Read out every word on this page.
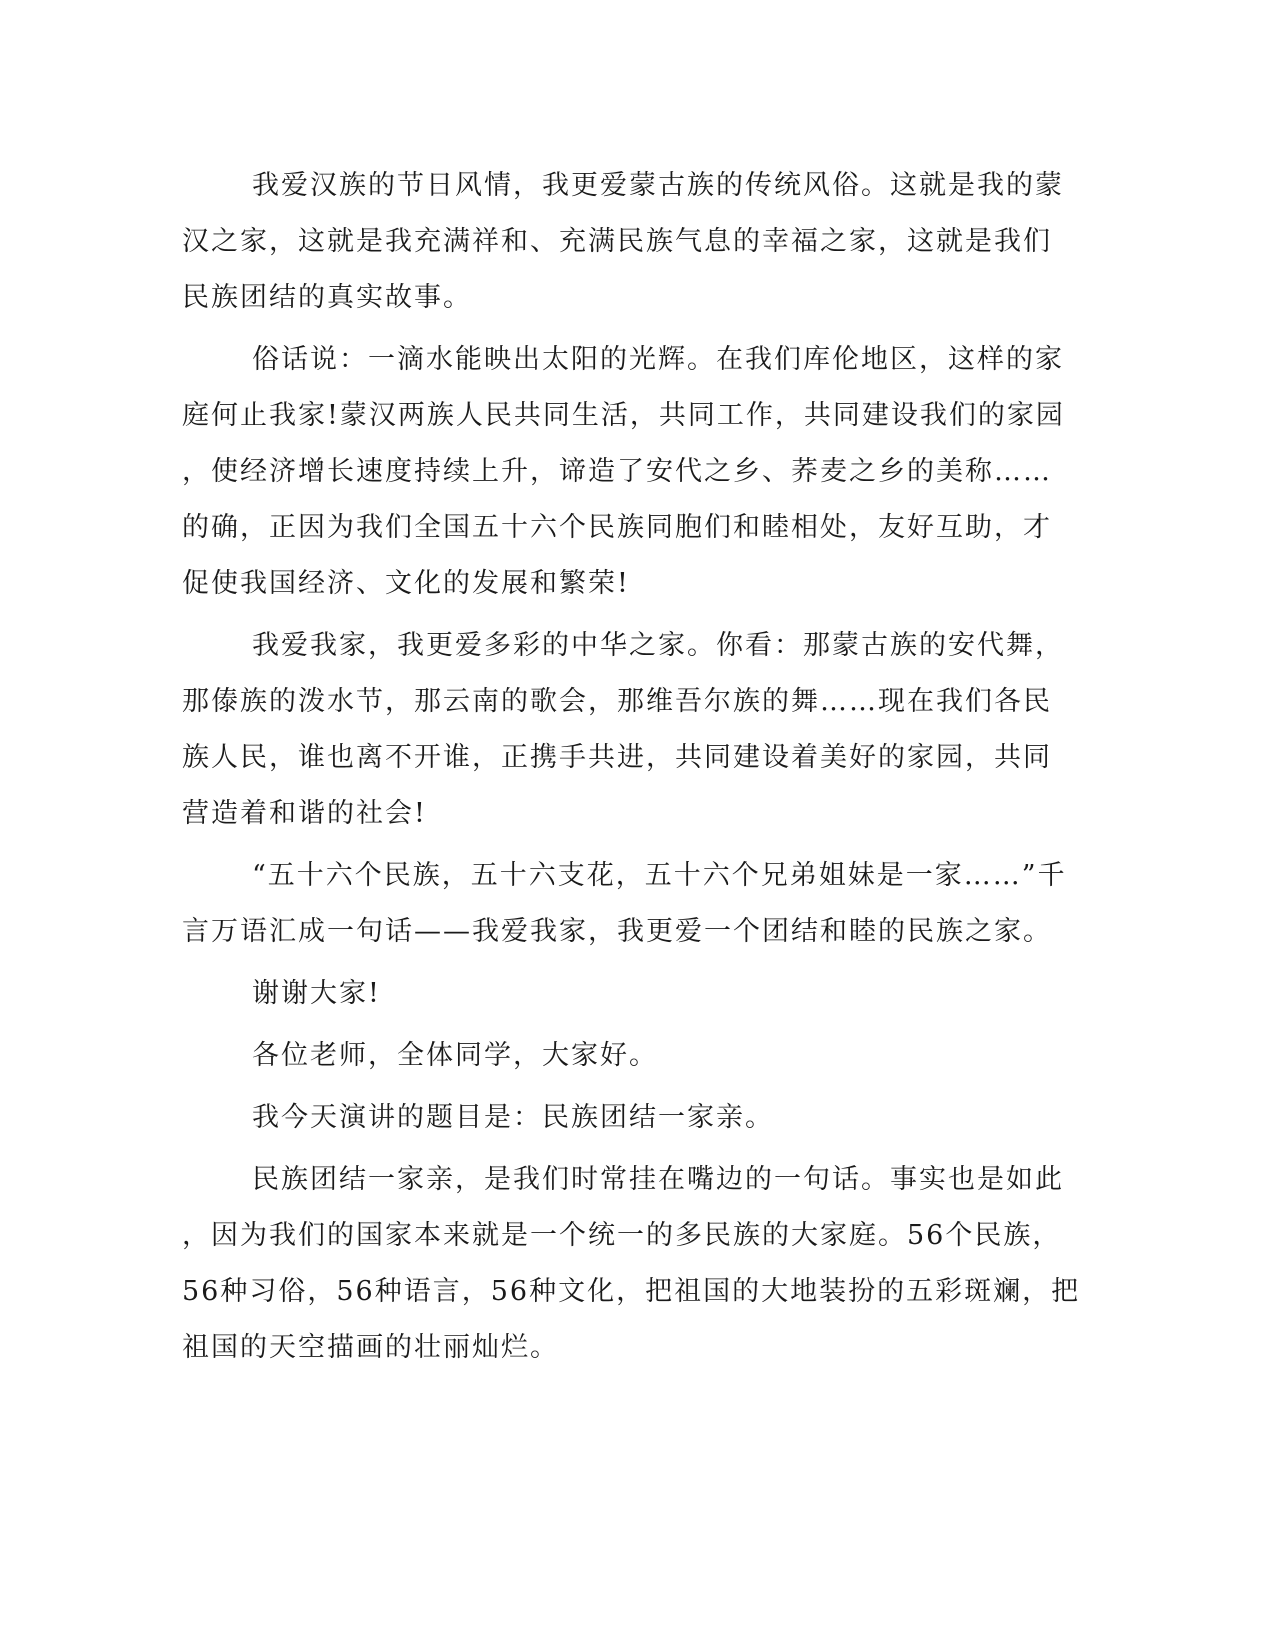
我爱汉族的节日风情，我更爱蒙古族的传统风俗。这就是我的蒙
汉之家，这就是我充满祥和、充满民族气息的幸福之家，这就是我们
民族团结的真实故事。
俗话说：一滴水能映出太阳的光辉。在我们库伦地区，这样的家
庭何止我家!蒙汉两族人民共同生活，共同工作，共同建设我们的家园
，使经济增长速度持续上升，谛造了安代之乡、荞麦之乡的美称……
的确，正因为我们全国五十六个民族同胞们和睦相处，友好互助，才
促使我国经济、文化的发展和繁荣!
我爱我家，我更爱多彩的中华之家。你看：那蒙古族的安代舞，
那傣族的泼水节，那云南的歌会，那维吾尔族的舞……现在我们各民
族人民，谁也离不开谁，正携手共进，共同建设着美好的家园，共同
营造着和谐的社会!
“五十六个民族，五十六支花，五十六个兄弟姐妹是一家……”千
言万语汇成一句话——我爱我家，我更爱一个团结和睦的民族之家。
谢谢大家!
各位老师，全体同学，大家好。
我今天演讲的题目是：民族团结一家亲。
民族团结一家亲，是我们时常挂在嘴边的一句话。事实也是如此
，因为我们的国家本来就是一个统一的多民族的大家庭。56个民族，
56种习俗，56种语言，56种文化，把祖国的大地装扮的五彩斑斓，把
祖国的天空描画的壮丽灿烂。
